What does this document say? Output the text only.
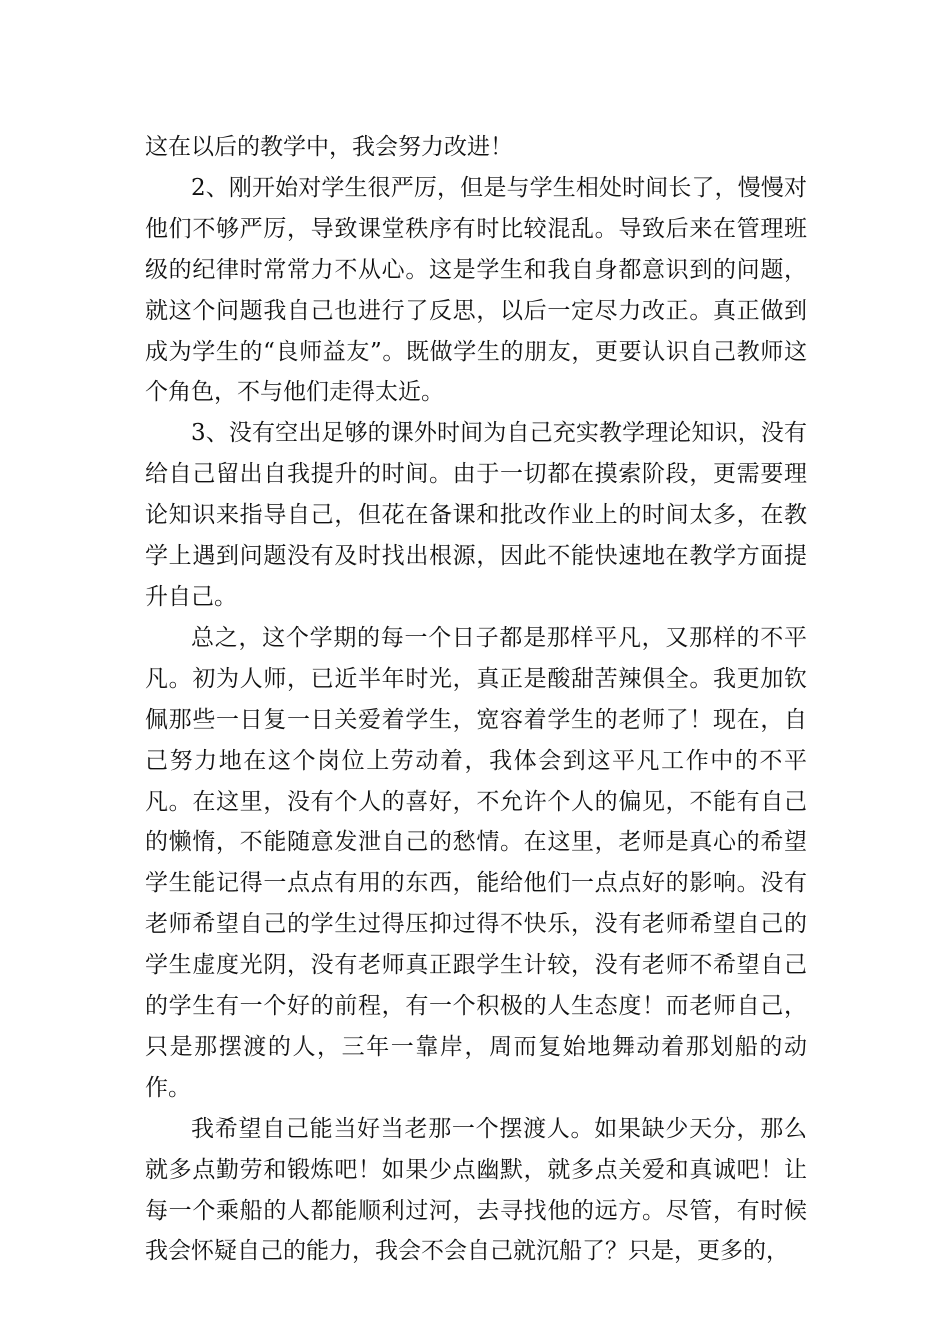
这在以后的教学中，我会努力改进！

2、刚开始对学生很严厉，但是与学生相处时间长了，慢慢对他们不够严厉，导致课堂秩序有时比较混乱。导致后来在管理班级的纪律时常常力不从心。这是学生和我自身都意识到的问题，就这个问题我自己也进行了反思，以后一定尽力改正。真正做到成为学生的“良师益友”。既做学生的朋友，更要认识自己教师这个角色，不与他们走得太近。

3、没有空出足够的课外时间为自己充实教学理论知识，没有给自己留出自我提升的时间。由于一切都在摸索阶段，更需要理论知识来指导自己，但花在备课和批改作业上的时间太多，在教学上遇到问题没有及时找出根源，因此不能快速地在教学方面提升自己。

总之，这个学期的每一个日子都是那样平凡，又那样的不平凡。初为人师，已近半年时光，真正是酸甜苦辣俱全。我更加钦佩那些一日复一日关爱着学生，宽容着学生的老师了！现在，自己努力地在这个岗位上劳动着，我体会到这平凡工作中的不平凡。在这里，没有个人的喜好，不允许个人的偏见，不能有自己的懒惰，不能随意发泄自己的愁情。在这里，老师是真心的希望学生能记得一点点有用的东西，能给他们一点点好的影响。没有老师希望自己的学生过得压抑过得不快乐，没有老师希望自己的学生虚度光阴，没有老师真正跟学生计较，没有老师不希望自己的学生有一个好的前程，有一个积极的人生态度！而老师自己，只是那摆渡的人，三年一靠岸，周而复始地舞动着那划船的动作。

我希望自己能当好当老那一个摆渡人。如果缺少天分，那么就多点勤劳和锻炼吧！如果少点幽默，就多点关爱和真诚吧！让每一个乘船的人都能顺利过河，去寻找他的远方。尽管，有时候我会怀疑自己的能力，我会不会自己就沉船了？只是，更多的，
